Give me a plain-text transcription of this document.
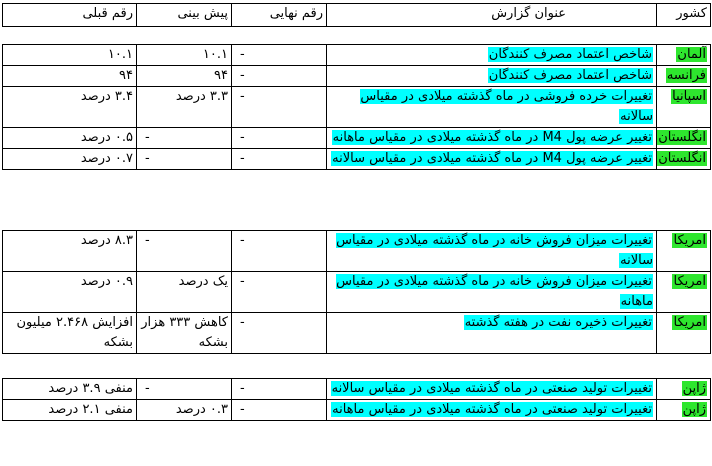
کشور	عنوان گزارش	رقم نهایی	پیش بینی	رقم قبلی
آلمان	شاخص اعتماد مصرف کنندگان	-	۱۰.۱	۱۰.۱
فرانسه	شاخص اعتماد مصرف کنندگان	-	۹۴	۹۴
اسپانیا	تغییرات خرده فروشی در ماه گذشته میلادی در مقیاس سالانه	-	۳.۳ درصد	۳.۴ درصد
انگلستان	تغییر عرضه پول M4 در ماه گذشته میلادی در مقیاس ماهانه	-	-	۰.۵ درصد
انگلستان	تغییر عرضه پول M4 در ماه گذشته میلادی در مقیاس سالانه	-	-	۰.۷ درصد
امریکا	تغییرات میزان فروش خانه در ماه گذشته میلادی در مقیاس سالانه	-	-	۸.۳ درصد
امریکا	تغییرات میزان فروش خانه در ماه گذشته میلادی در مقیاس ماهانه	-	یک درصد	۰.۹ درصد
امریکا	تغییرات ذخیره نفت در هفته گذشته	-	کاهش ۳۳۳ هزار بشکه	افزایش ۲.۴۶۸ میلیون بشکه
ژاپن	تغییرات تولید صنعتی در ماه گذشته میلادی در مقیاس سالانه	-	-	منفی ۳.۹ درصد
ژاپن	تغییرات تولید صنعتی در ماه گذشته میلادی در مقیاس ماهانه	-	۰.۳ درصد	منفی ۲.۱ درصد
